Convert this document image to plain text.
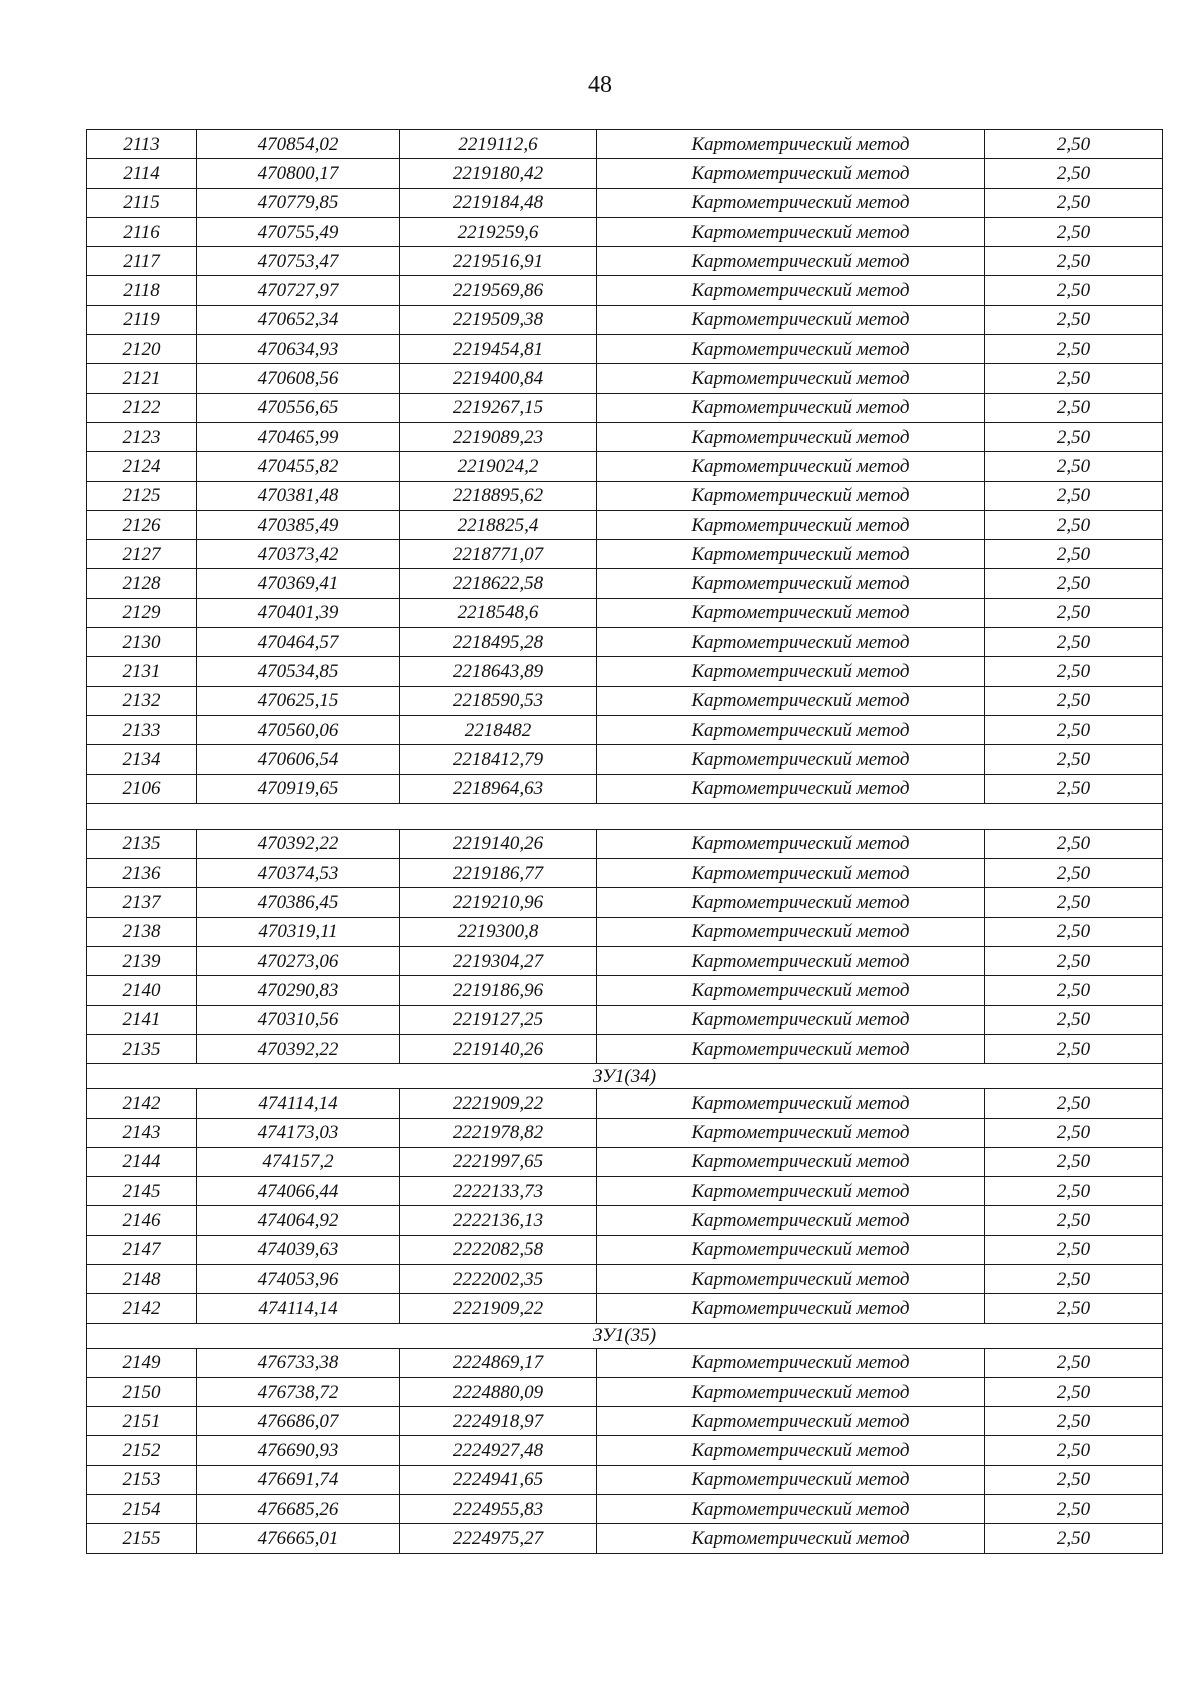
48
2113	470854,02	2219112,6	Картометрический метод	2,50
2114	470800,17	2219180,42	Картометрический метод	2,50
2115	470779,85	2219184,48	Картометрический метод	2,50
2116	470755,49	2219259,6	Картометрический метод	2,50
2117	470753,47	2219516,91	Картометрический метод	2,50
2118	470727,97	2219569,86	Картометрический метод	2,50
2119	470652,34	2219509,38	Картометрический метод	2,50
2120	470634,93	2219454,81	Картометрический метод	2,50
2121	470608,56	2219400,84	Картометрический метод	2,50
2122	470556,65	2219267,15	Картометрический метод	2,50
2123	470465,99	2219089,23	Картометрический метод	2,50
2124	470455,82	2219024,2	Картометрический метод	2,50
2125	470381,48	2218895,62	Картометрический метод	2,50
2126	470385,49	2218825,4	Картометрический метод	2,50
2127	470373,42	2218771,07	Картометрический метод	2,50
2128	470369,41	2218622,58	Картометрический метод	2,50
2129	470401,39	2218548,6	Картометрический метод	2,50
2130	470464,57	2218495,28	Картометрический метод	2,50
2131	470534,85	2218643,89	Картометрический метод	2,50
2132	470625,15	2218590,53	Картометрический метод	2,50
2133	470560,06	2218482	Картометрический метод	2,50
2134	470606,54	2218412,79	Картометрический метод	2,50
2106	470919,65	2218964,63	Картометрический метод	2,50

2135	470392,22	2219140,26	Картометрический метод	2,50
2136	470374,53	2219186,77	Картометрический метод	2,50
2137	470386,45	2219210,96	Картометрический метод	2,50
2138	470319,11	2219300,8	Картометрический метод	2,50
2139	470273,06	2219304,27	Картометрический метод	2,50
2140	470290,83	2219186,96	Картометрический метод	2,50
2141	470310,56	2219127,25	Картометрический метод	2,50
2135	470392,22	2219140,26	Картометрический метод	2,50
ЗУ1(34)				
2142	474114,14	2221909,22	Картометрический метод	2,50
2143	474173,03	2221978,82	Картометрический метод	2,50
2144	474157,2	2221997,65	Картометрический метод	2,50
2145	474066,44	2222133,73	Картометрический метод	2,50
2146	474064,92	2222136,13	Картометрический метод	2,50
2147	474039,63	2222082,58	Картометрический метод	2,50
2148	474053,96	2222002,35	Картометрический метод	2,50
2142	474114,14	2221909,22	Картометрический метод	2,50
ЗУ1(35)				
2149	476733,38	2224869,17	Картометрический метод	2,50
2150	476738,72	2224880,09	Картометрический метод	2,50
2151	476686,07	2224918,97	Картометрический метод	2,50
2152	476690,93	2224927,48	Картометрический метод	2,50
2153	476691,74	2224941,65	Картометрический метод	2,50
2154	476685,26	2224955,83	Картометрический метод	2,50
2155	476665,01	2224975,27	Картометрический метод	2,50
